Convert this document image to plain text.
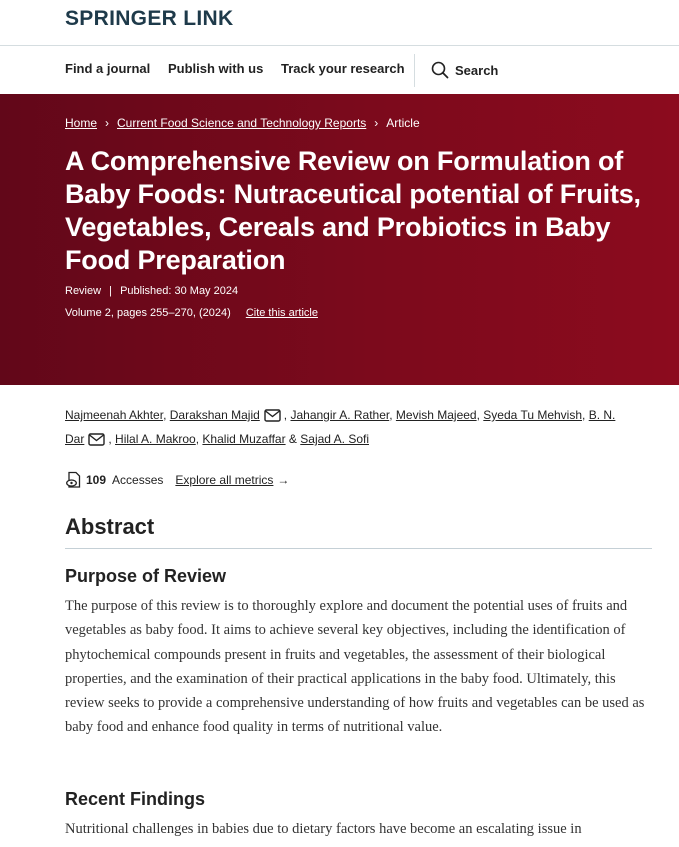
SPRINGER LINK
Find a journal Publish with us Track your research	Search
Home › Current Food Science and Technology Reports › Article
A Comprehensive Review on Formulation of Baby Foods: Nutraceutical potential of Fruits, Vegetables, Cereals and Probiotics in Baby Food Preparation
Review | Published: 30 May 2024
Volume 2, pages 255–270, (2024) Cite this article
Najmeenah Akhter, Darakshan Majid , Jahangir A. Rather, Mevish Majeed, Syeda Tu Mehvish, B. N.
Dar , Hilal A. Makroo, Khalid Muzaffar & Sajad A. Sofi
109 Accesses Explore all metrics →
Abstract
Purpose of Review

The purpose of this review is to thoroughly explore and document the potential uses of fruits and vegetables as baby food. It aims to achieve several key objectives, including the identification of phytochemical compounds present in fruits and vegetables, the assessment of their biological properties, and the examination of their practical applications in the baby food. Ultimately, this review seeks to provide a comprehensive understanding of how fruits and vegetables can be used as baby food and enhance food quality in terms of nutritional value.

Recent Findings

Nutritional challenges in babies due to dietary factors have become an escalating issue in
